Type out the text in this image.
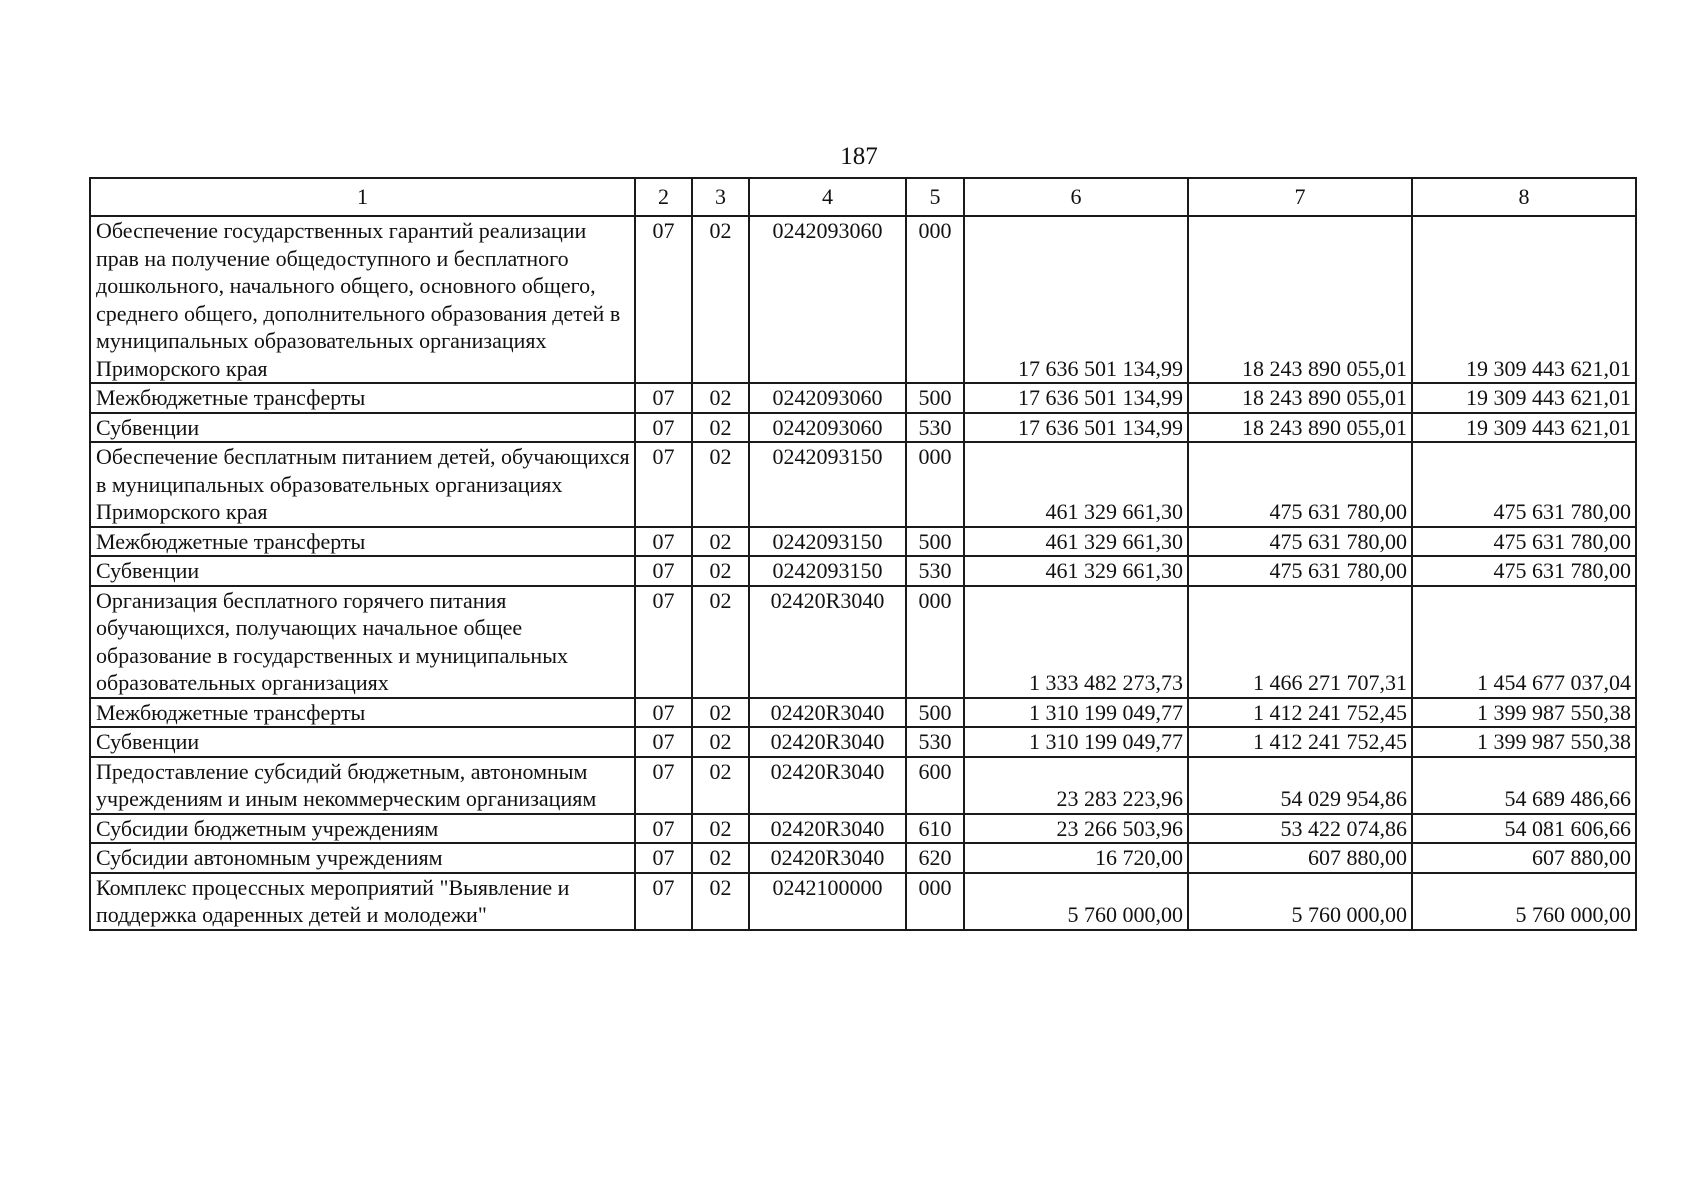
187
1	2	3	4	5	6	7	8
Обеспечение государственных гарантий реализации прав на получение общедоступного и бесплатного дошкольного, начального общего, основного общего, среднего общего, дополнительного образования детей в муниципальных образовательных организациях Приморского края	07	02	0242093060	000	17 636 501 134,99	18 243 890 055,01	19 309 443 621,01
Межбюджетные трансферты	07	02	0242093060	500	17 636 501 134,99	18 243 890 055,01	19 309 443 621,01
Субвенции	07	02	0242093060	530	17 636 501 134,99	18 243 890 055,01	19 309 443 621,01
Обеспечение бесплатным питанием детей, обучающихся в муниципальных образовательных организациях Приморского края	07	02	0242093150	000	461 329 661,30	475 631 780,00	475 631 780,00
Межбюджетные трансферты	07	02	0242093150	500	461 329 661,30	475 631 780,00	475 631 780,00
Субвенции	07	02	0242093150	530	461 329 661,30	475 631 780,00	475 631 780,00
Организация бесплатного горячего питания обучающихся, получающих начальное общее образование в государственных и муниципальных образовательных организациях	07	02	02420R3040	000	1 333 482 273,73	1 466 271 707,31	1 454 677 037,04
Межбюджетные трансферты	07	02	02420R3040	500	1 310 199 049,77	1 412 241 752,45	1 399 987 550,38
Субвенции	07	02	02420R3040	530	1 310 199 049,77	1 412 241 752,45	1 399 987 550,38
Предоставление субсидий бюджетным, автономным учреждениям и иным некоммерческим организациям	07	02	02420R3040	600	23 283 223,96	54 029 954,86	54 689 486,66
Субсидии бюджетным учреждениям	07	02	02420R3040	610	23 266 503,96	53 422 074,86	54 081 606,66
Субсидии автономным учреждениям	07	02	02420R3040	620	16 720,00	607 880,00	607 880,00
Комплекс процессных мероприятий "Выявление и поддержка одаренных детей и молодежи"	07	02	0242100000	000	5 760 000,00	5 760 000,00	5 760 000,00
